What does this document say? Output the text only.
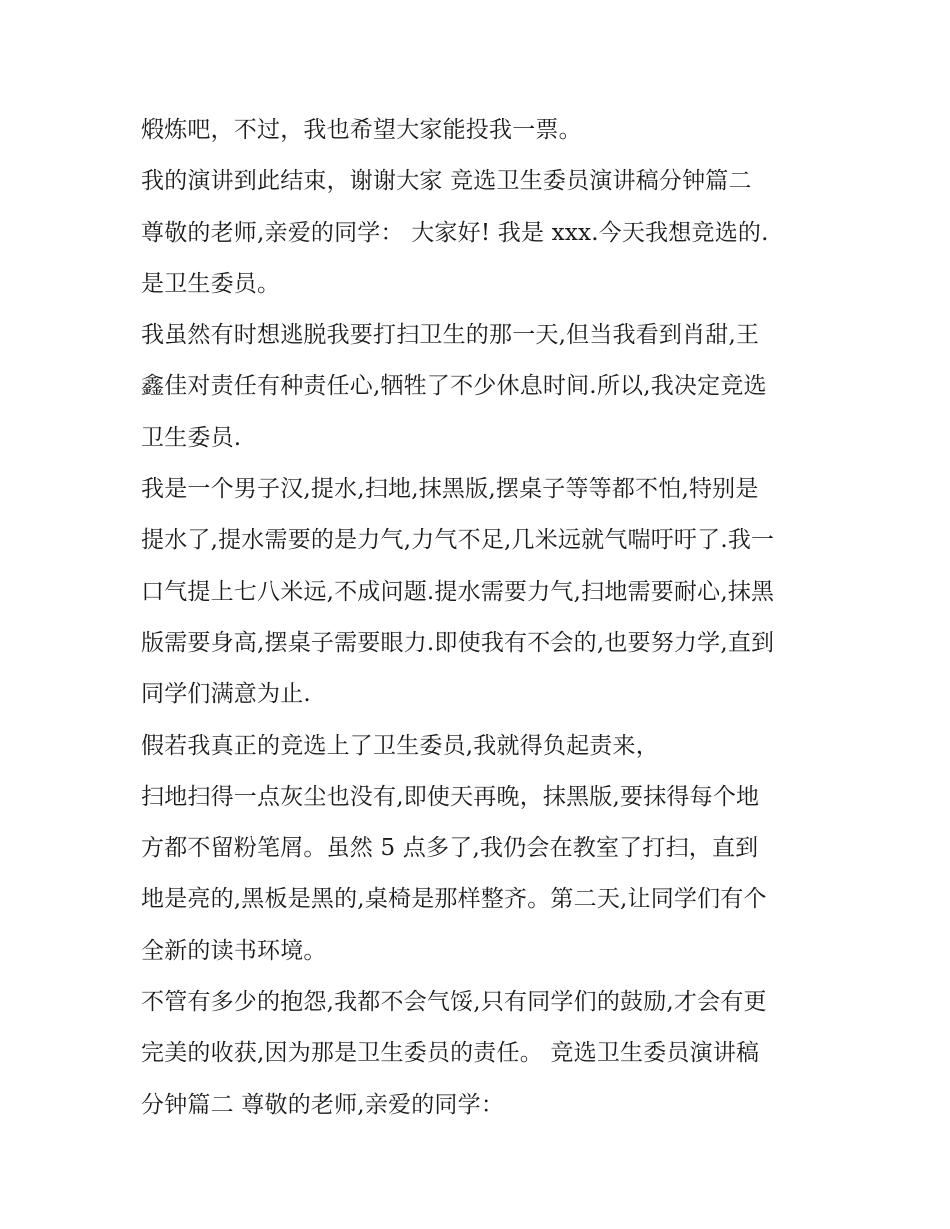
煅炼吧，不过，我也希望大家能投我一票。
我的演讲到此结束，谢谢大家 竞选卫生委员演讲稿分钟篇二
尊敬的老师,亲爱的同学： 大家好! 我是 xxx.今天我想竞选的.
是卫生委员。
我虽然有时想逃脱我要打扫卫生的那一天,但当我看到肖甜,王
鑫佳对责任有种责任心,牺牲了不少休息时间.所以,我决定竞选
卫生委员.
我是一个男子汉,提水,扫地,抹黑版,摆桌子等等都不怕,特别是
提水了,提水需要的是力气,力气不足,几米远就气喘吁吁了.我一
口气提上七八米远,不成问题.提水需要力气,扫地需要耐心,抹黑
版需要身高,摆桌子需要眼力.即使我有不会的,也要努力学,直到
同学们满意为止.
假若我真正的竞选上了卫生委员,我就得负起责来，
扫地扫得一点灰尘也没有,即使天再晚，抹黑版,要抹得每个地
方都不留粉笔屑。虽然 5 点多了,我仍会在教室了打扫，直到
地是亮的,黑板是黑的,桌椅是那样整齐。第二天,让同学们有个
全新的读书环境。
不管有多少的抱怨,我都不会气馁,只有同学们的鼓励,才会有更
完美的收获,因为那是卫生委员的责任。 竞选卫生委员演讲稿
分钟篇二 尊敬的老师,亲爱的同学：
